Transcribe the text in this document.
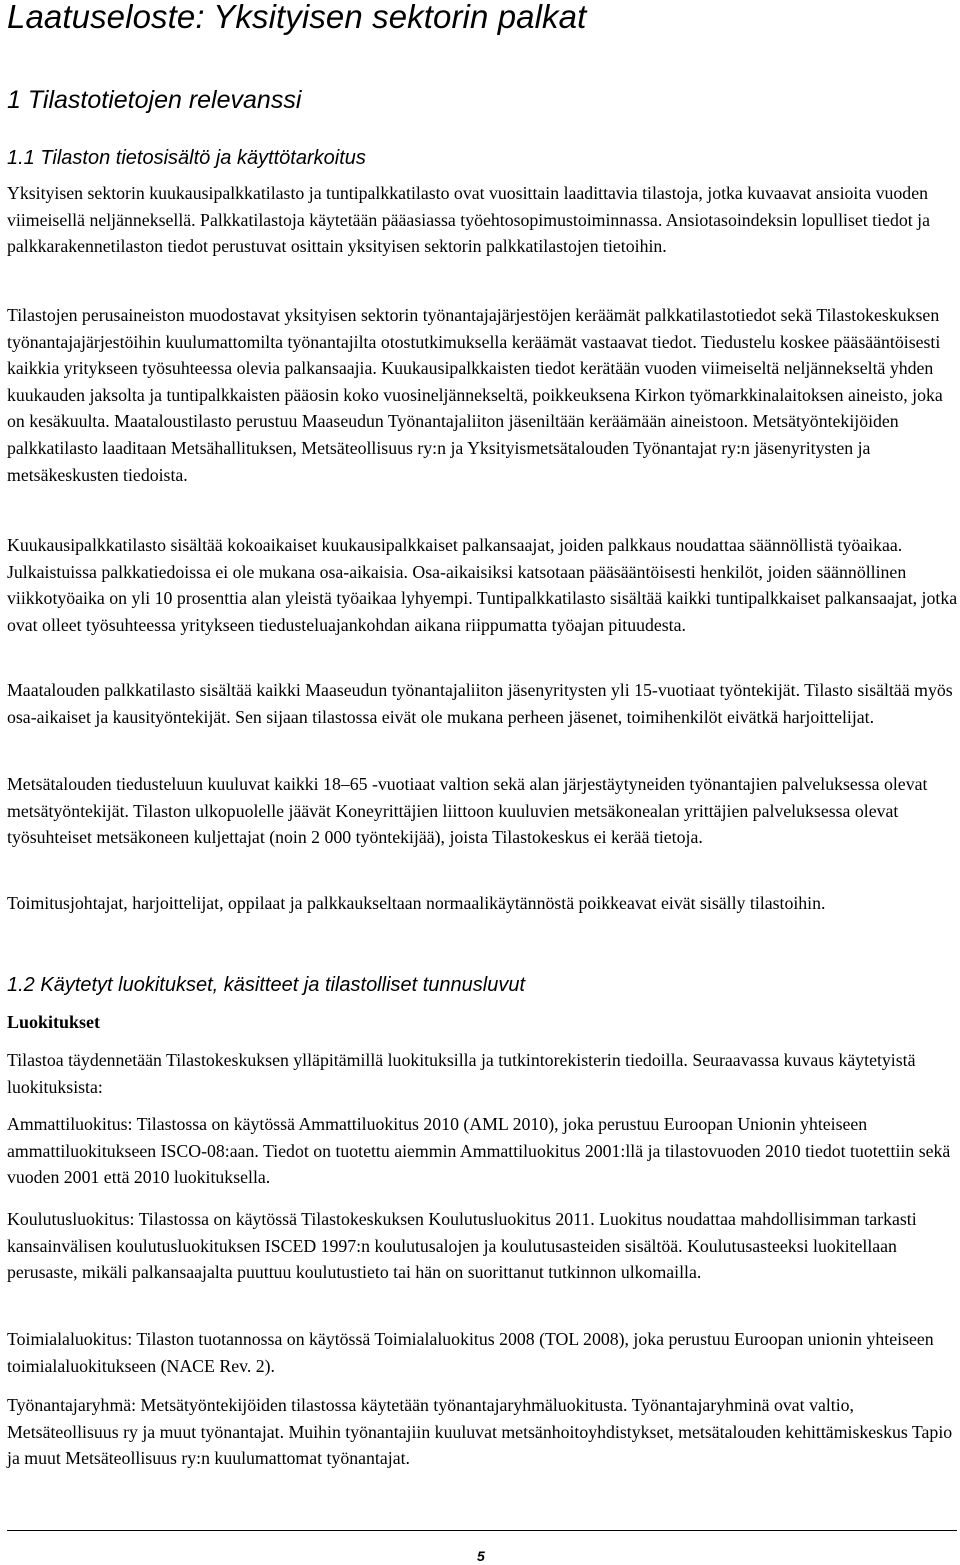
Laatuseloste: Yksityisen sektorin palkat
1 Tilastotietojen relevanssi
1.1 Tilaston tietosisältö ja käyttötarkoitus

Yksityisen sektorin kuukausipalkkatilasto ja tuntipalkkatilasto ovat vuosittain laadittavia tilastoja, jotka kuvaavat ansioita vuoden viimeisellä neljänneksellä. Palkkatilastoja käytetään pääasiassa työehtosopimustoiminnassa. Ansiotasoindeksin lopulliset tiedot ja palkkarakennetilaston tiedot perustuvat osittain yksityisen sektorin palkkatilastojen tietoihin.

Tilastojen perusaineiston muodostavat yksityisen sektorin työnantajajärjestöjen keräämät palkkatilastotiedot sekä Tilastokeskuksen työnantajajärjestöihin kuulumattomilta työnantajilta otostutkimuksella keräämät vastaavat tiedot. Tiedustelu koskee pääsääntöisesti kaikkia yritykseen työsuhteessa olevia palkansaajia. Kuukausipalkkaisten tiedot kerätään vuoden viimeiseltä neljännekseltä yhden kuukauden jaksolta ja tuntipalkkaisten pääosin koko vuosineljännekseltä, poikkeuksena Kirkon työmarkkinalaitoksen aineisto, joka on kesäkuulta. Maataloustilasto perustuu Maaseudun Työnantajaliiton jäseniltään keräämään aineistoon. Metsätyöntekijöiden palkkatilasto laaditaan Metsähallituksen, Metsäteollisuus ry:n ja Yksityismetsätalouden Työnantajat ry:n jäsenyritysten ja metsäkeskusten tiedoista.

Kuukausipalkkatilasto sisältää kokoaikaiset kuukausipalkkaiset palkansaajat, joiden palkkaus noudattaa säännöllistä työaikaa. Julkaistuissa palkkatiedoissa ei ole mukana osa-aikaisia. Osa-aikaisiksi katsotaan pääsääntöisesti henkilöt, joiden säännöllinen viikkotyöaika on yli 10 prosenttia alan yleistä työaikaa lyhyempi. Tuntipalkkatilasto sisältää kaikki tuntipalkkaiset palkansaajat, jotka ovat olleet työsuhteessa yritykseen tiedusteluajankohdan aikana riippumatta työajan pituudesta.

Maatalouden palkkatilasto sisältää kaikki Maaseudun työnantajaliiton jäsenyritysten yli 15-vuotiaat työntekijät. Tilasto sisältää myös osa-aikaiset ja kausityöntekijät. Sen sijaan tilastossa eivät ole mukana perheen jäsenet, toimihenkilöt eivätkä harjoittelijat.

Metsätalouden tiedusteluun kuuluvat kaikki 18–65 -vuotiaat valtion sekä alan järjestäytyneiden työnantajien palveluksessa olevat metsätyöntekijät. Tilaston ulkopuolelle jäävät Koneyrittäjien liittoon kuuluvien metsäkonealan yrittäjien palveluksessa olevat työsuhteiset metsäkoneen kuljettajat (noin 2 000 työntekijää), joista Tilastokeskus ei kerää tietoja.

Toimitusjohtajat, harjoittelijat, oppilaat ja palkkaukseltaan normaalikäytännöstä poikkeavat eivät sisälly tilastoihin.

1.2 Käytetyt luokitukset, käsitteet ja tilastolliset tunnusluvut
Luokitukset

Tilastoa täydennetään Tilastokeskuksen ylläpitämillä luokituksilla ja tutkintorekisterin tiedoilla. Seuraavassa kuvaus käytetyistä luokituksista:

Ammattiluokitus: Tilastossa on käytössä Ammattiluokitus 2010 (AML 2010), joka perustuu Euroopan Unionin yhteiseen ammattiluokitukseen ISCO-08:aan. Tiedot on tuotettu aiemmin Ammattiluokitus 2001:llä ja tilastovuoden 2010 tiedot tuotettiin sekä vuoden 2001 että 2010 luokituksella.

Koulutusluokitus: Tilastossa on käytössä Tilastokeskuksen Koulutusluokitus 2011. Luokitus noudattaa mahdollisimman tarkasti kansainvälisen koulutusluokituksen ISCED 1997:n koulutusalojen ja koulutusasteiden sisältöä. Koulutusasteeksi luokitellaan perusaste, mikäli palkansaajalta puuttuu koulutustieto tai hän on suorittanut tutkinnon ulkomailla.

Toimialaluokitus: Tilaston tuotannossa on käytössä Toimialaluokitus 2008 (TOL 2008), joka perustuu Euroopan unionin yhteiseen toimialaluokitukseen (NACE Rev. 2).

Työnantajaryhmä: Metsätyöntekijöiden tilastossa käytetään työnantajaryhmäluokitusta. Työnantajaryhminä ovat valtio, Metsäteollisuus ry ja muut työnantajat. Muihin työnantajiin kuuluvat metsänhoitoyhdistykset, metsätalouden kehittämiskeskus Tapio ja muut Metsäteollisuus ry:n kuulumattomat työnantajat.

5
